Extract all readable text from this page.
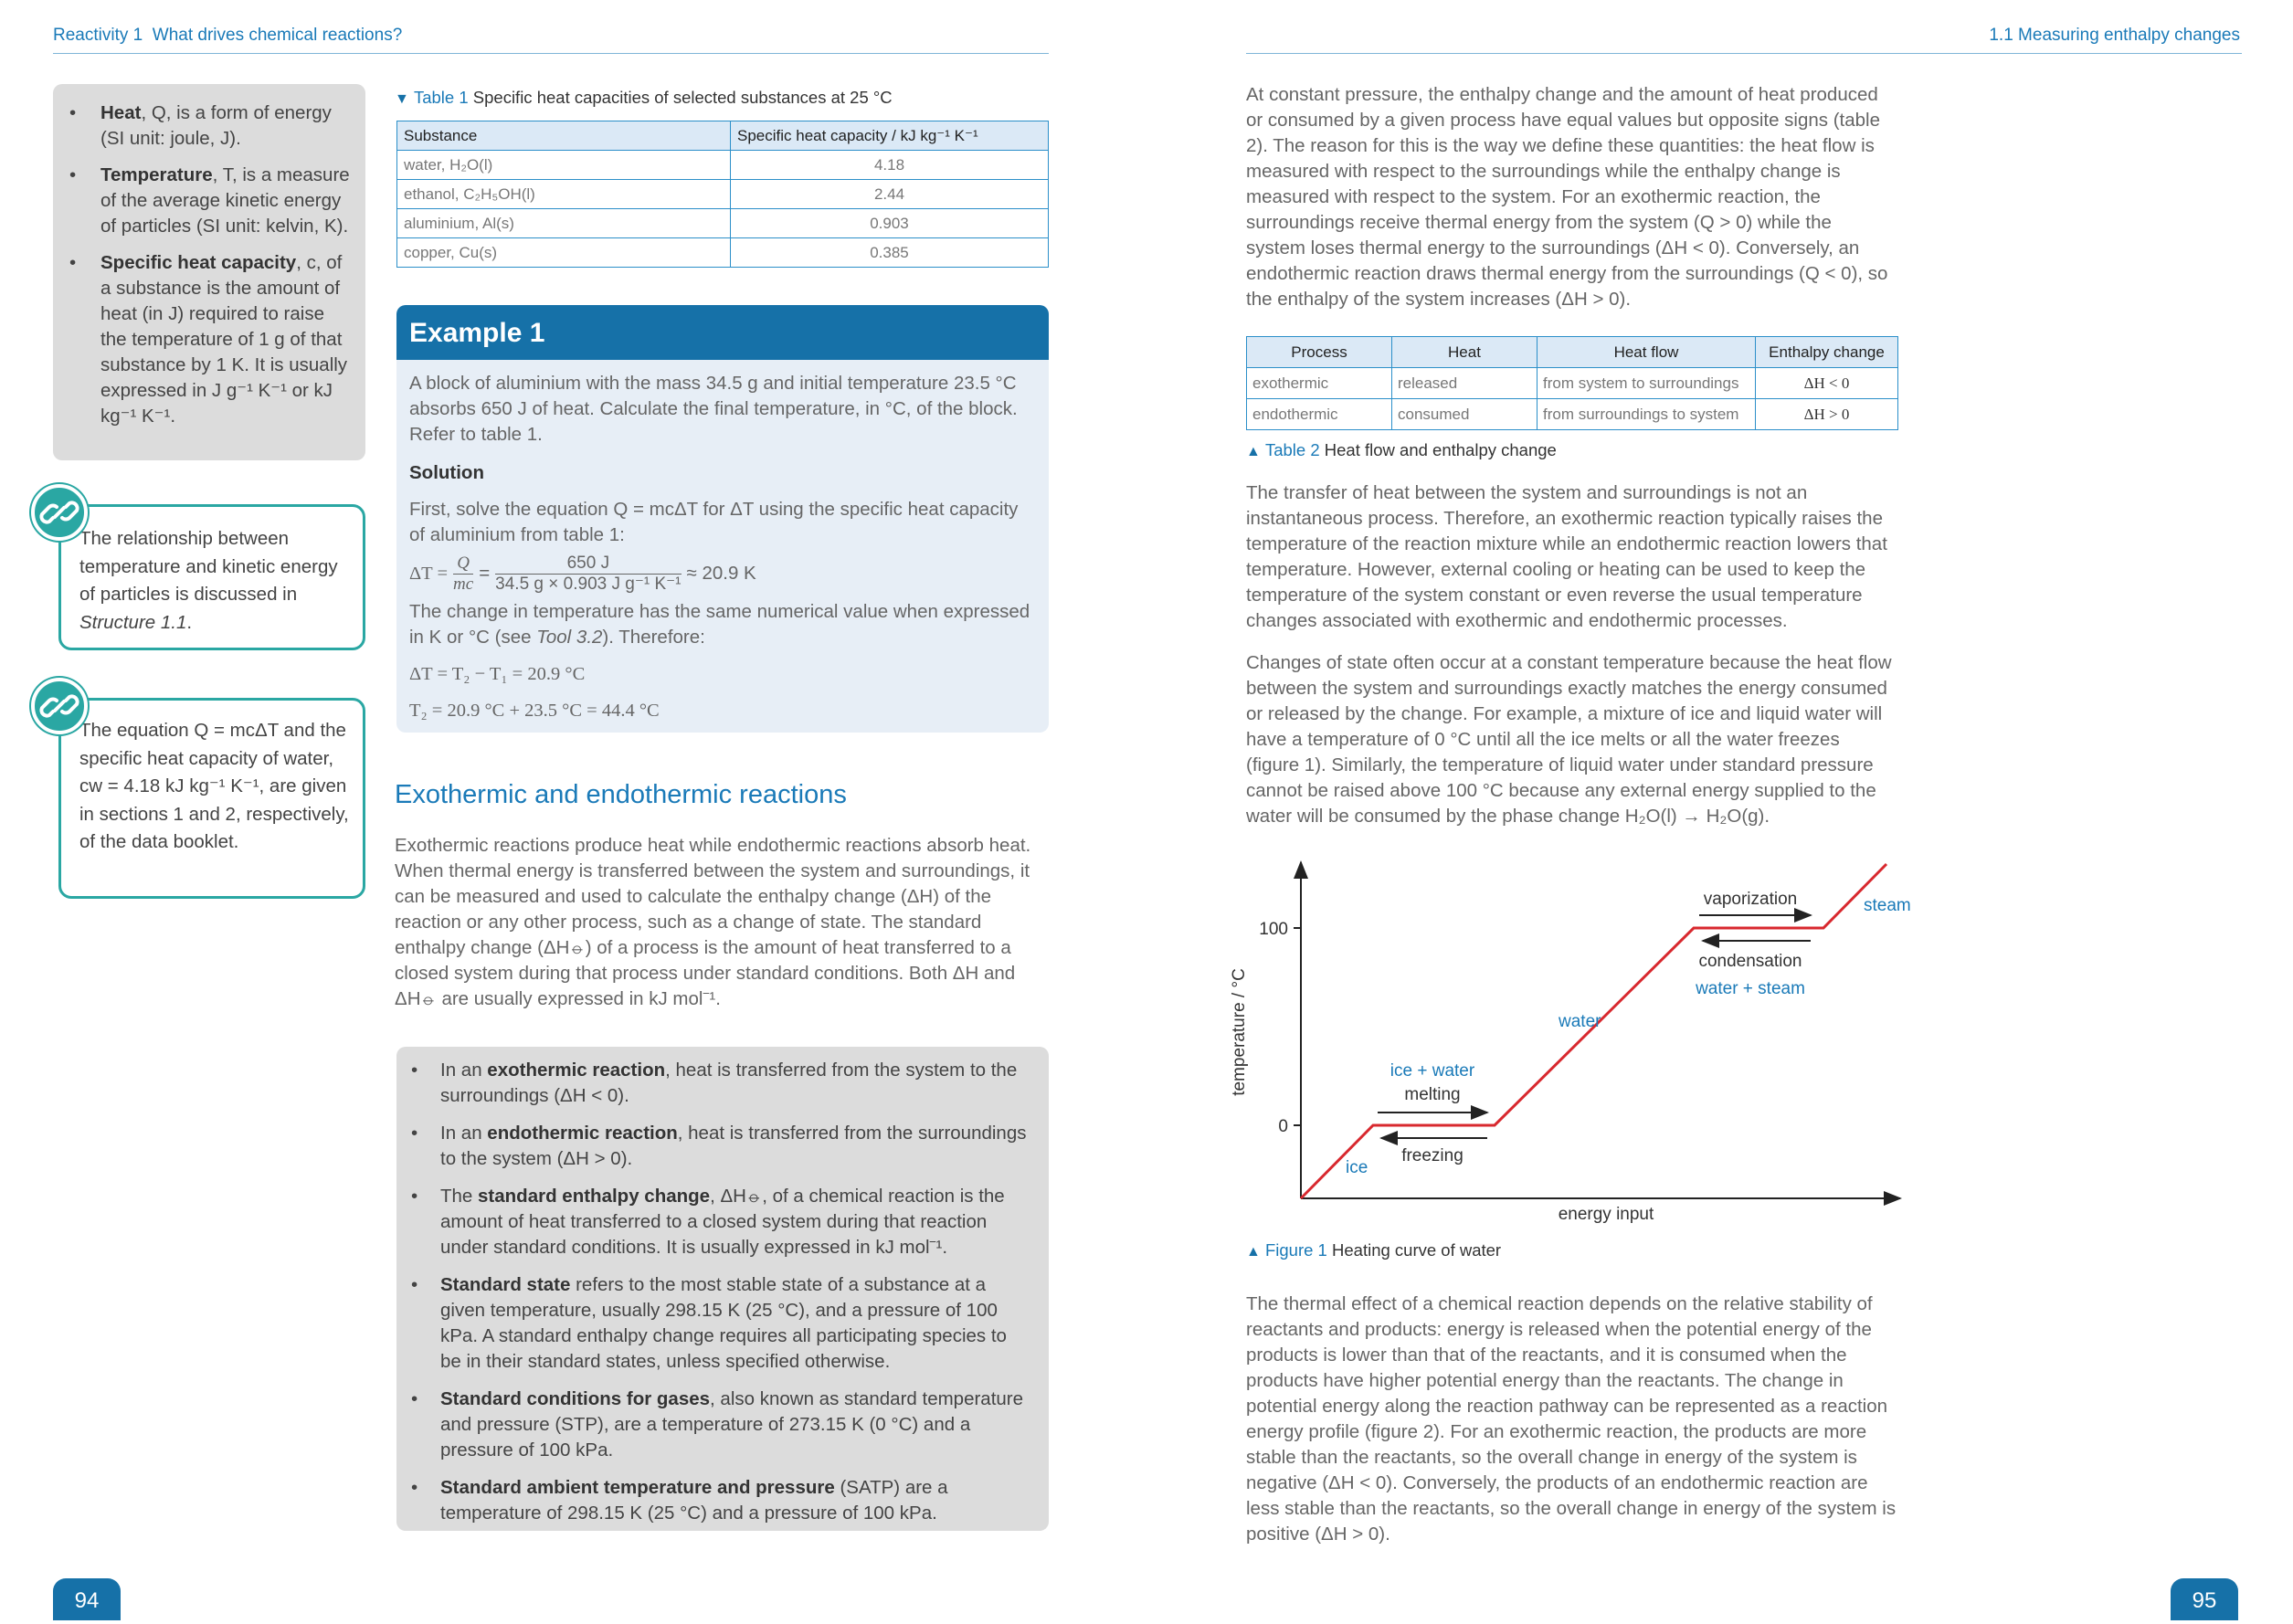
Reactivity 1 What drives chemical reactions?	1.1 Measuring enthalpy changes
• Heat, Q, is a form of energy (SI unit: joule, J).
• Temperature, T, is a measure of the average kinetic energy of particles (SI unit: kelvin, K).
• Specific heat capacity, c, of a substance is the amount of heat (in J) required to raise the temperature of 1 g of that substance by 1 K. It is usually expressed in J g⁻¹ K⁻¹ or kJ kg⁻¹ K⁻¹.

The relationship between temperature and kinetic energy of particles is discussed in Structure 1.1.

The equation Q = mcΔT and the specific heat capacity of water, cw = 4.18 kJ kg⁻¹ K⁻¹, are given in sections 1 and 2, respectively, of the data booklet.

▼ Table 1 Specific heat capacities of selected substances at 25 °C
Substance	Specific heat capacity / kJ kg⁻¹ K⁻¹
water, H₂O(l)	4.18
ethanol, C₂H₅OH(l)	2.44
aluminium, Al(s)	0.903
copper, Cu(s)	0.385
Example 1

A block of aluminium with the mass 34.5 g and initial temperature 23.5 °C absorbs 650 J of heat. Calculate the final temperature, in °C, of the block. Refer to table 1.

Solution

First, solve the equation Q = mcΔT for ΔT using the specific heat capacity of aluminium from table 1:

ΔT =
Q
mc =	650 J
34.5 g × 0.903 J g⁻¹ K⁻¹ ≈ 20.9 K

The change in temperature has the same numerical value when expressed in K or °C (see Tool 3.2). Therefore:

ΔT = T₂ − T₁ = 20.9 °C

T₂ = 20.9 °C + 23.5 °C = 44.4 °C

Exothermic and endothermic reactions

Exothermic reactions produce heat while endothermic reactions absorb heat. When thermal energy is transferred between the system and surroundings, it can be measured and used to calculate the enthalpy change (ΔH) of the reaction or any other process, such as a change of state. The standard enthalpy change (ΔH⦵) of a process is the amount of heat transferred to a closed system during that process under standard conditions. Both ΔH and ΔH⦵ are usually expressed in kJ mol⁻¹.

• In an exothermic reaction, heat is transferred from the system to the surroundings (ΔH < 0).
• In an endothermic reaction, heat is transferred from the surroundings to the system (ΔH > 0).
• The standard enthalpy change, ΔH⦵, of a chemical reaction is the amount of heat transferred to a closed system during that reaction under standard conditions. It is usually expressed in kJ mol⁻¹.
• Standard state refers to the most stable state of a substance at a given temperature, usually 298.15 K (25 °C), and a pressure of 100 kPa. A standard enthalpy change requires all participating species to be in their standard states, unless specified otherwise.
• Standard conditions for gases, also known as standard temperature and pressure (STP), are a temperature of 273.15 K (0 °C) and a pressure of 100 kPa.
• Standard ambient temperature and pressure (SATP) are a temperature of 298.15 K (25 °C) and a pressure of 100 kPa.

At constant pressure, the enthalpy change and the amount of heat produced or consumed by a given process have equal values but opposite signs (table 2). The reason for this is the way we define these quantities: the heat flow is measured with respect to the surroundings while the enthalpy change is measured with respect to the system. For an exothermic reaction, the surroundings receive thermal energy from the system (Q > 0) while the system loses thermal energy to the surroundings (ΔH < 0). Conversely, an endothermic reaction draws thermal energy from the surroundings (Q < 0), so the enthalpy of the system increases (ΔH > 0).

Process	Heat	Heat flow	Enthalpy change
exothermic	released	from system to surroundings	ΔH < 0
endothermic	consumed	from surroundings to system	ΔH > 0
▲ Table 2 Heat flow and enthalpy change

The transfer of heat between the system and surroundings is not an instantaneous process. Therefore, an exothermic reaction typically raises the temperature of the reaction mixture while an endothermic reaction lowers that temperature. However, external cooling or heating can be used to keep the temperature of the system constant or even reverse the usual temperature changes associated with exothermic and endothermic processes.

Changes of state often occur at a constant temperature because the heat flow between the system and surroundings exactly matches the energy consumed or released by the change. For example, a mixture of ice and liquid water will have a temperature of 0 °C until all the ice melts or all the water freezes (figure 1). Similarly, the temperature of liquid water under standard pressure cannot be raised above 100 °C because any external energy supplied to the water will be consumed by the phase change H₂O(l) → H₂O(g).

100
0
temperature / °C
energy input
ice
ice + water
melting
freezing
water
vaporization
condensation
water + steam
steam
▲ Figure 1 Heating curve of water

The thermal effect of a chemical reaction depends on the relative stability of reactants and products: energy is released when the potential energy of the products is lower than that of the reactants, and it is consumed when the products have higher potential energy than the reactants. The change in potential energy along the reaction pathway can be represented as a reaction energy profile (figure 2). For an exothermic reaction, the products are more stable than the reactants, so the overall change in energy of the system is negative (ΔH < 0). Conversely, the products of an endothermic reaction are less stable than the reactants, so the overall change in energy of the system is positive (ΔH > 0).

94	95
